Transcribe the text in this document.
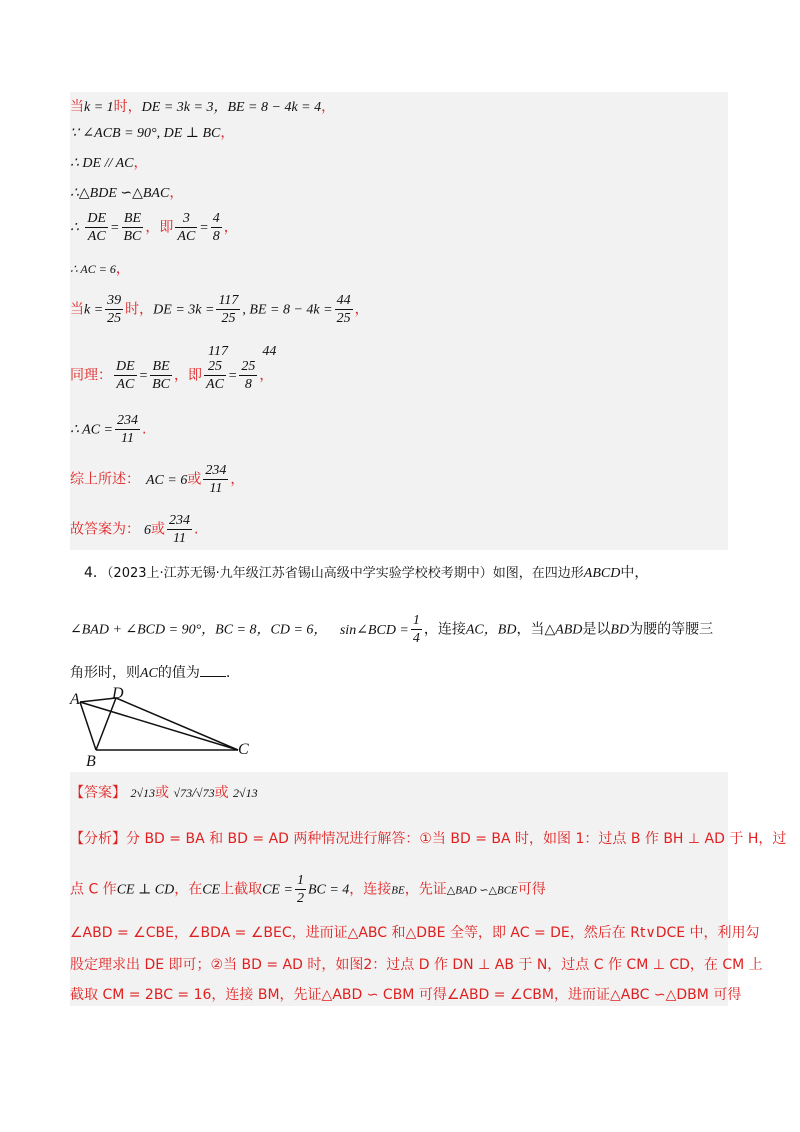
当k = 1时，DE = 3k = 3，BE = 8 − 4k = 4，
∵ ∠ACB = 90°, DE ⊥ BC，
∴ DE // AC，
∴△BDE ∽△BAC，
∴ $\frac{DE}{AC} = \frac{BE}{BC}$ ，即 $\frac{3}{AC} = \frac{4}{8}$ ，
∴ AC = 6，
当$k = \frac{39}{25}$ 时，DE = $3k = \frac{117}{25}$ , BE = $8 - 4k = \frac{44}{25}$ ，
117 44
同理： $\frac{DE}{AC} = \frac{BE}{BC}$ ，即 $\frac{25}{AC} = \frac{25}{8}$ ，
∴ AC = $\frac{234}{11}$ .
综上所述： AC = 6或 $\frac{234}{11}$ ，
故答案为： 6或 $\frac{234}{11}$ .
4．（2023上·江苏无锡·九年级江苏省锡山高级中学实验学校校考期中）如图，在四边形ABCD中，
∠BAD + ∠BCD = 90°，BC = 8，CD = 6， sin∠BCD = $\frac{1}{4}$ ，连接AC，BD，当△ABD是以BD为腰的等腰三
角形时，则AC的值为 .
A D
B
C
【答案】 2√13或 √73/√73或 2√13
【分析】分 BD = BA 和 BD = AD 两种情况进行解答：①当 BD = BA 时，如图 1：过点 B 作 BH ⊥ AD 于 H，过
点 C 作CE ⊥ CD，在CE上截取CE = $\frac{1}{2}$ BC = 4，连接BE，先证△BAD ∽△BCE可得
∠ABD = ∠CBE，∠BDA = ∠BEC，进而证△ABC 和△DBE 全等，即 AC = DE，然后在 Rt∨DCE 中，利用勾
股定理求出 DE 即可；②当 BD = AD 时，如图2：过点 D 作 DN ⊥ AB 于 N，过点 C 作 CM ⊥ CD，在 CM 上
截取 CM = 2BC = 16，连接 BM，先证△ABD ∽ CBM 可得∠ABD = ∠CBM，进而证△ABC ∽△DBM 可得
